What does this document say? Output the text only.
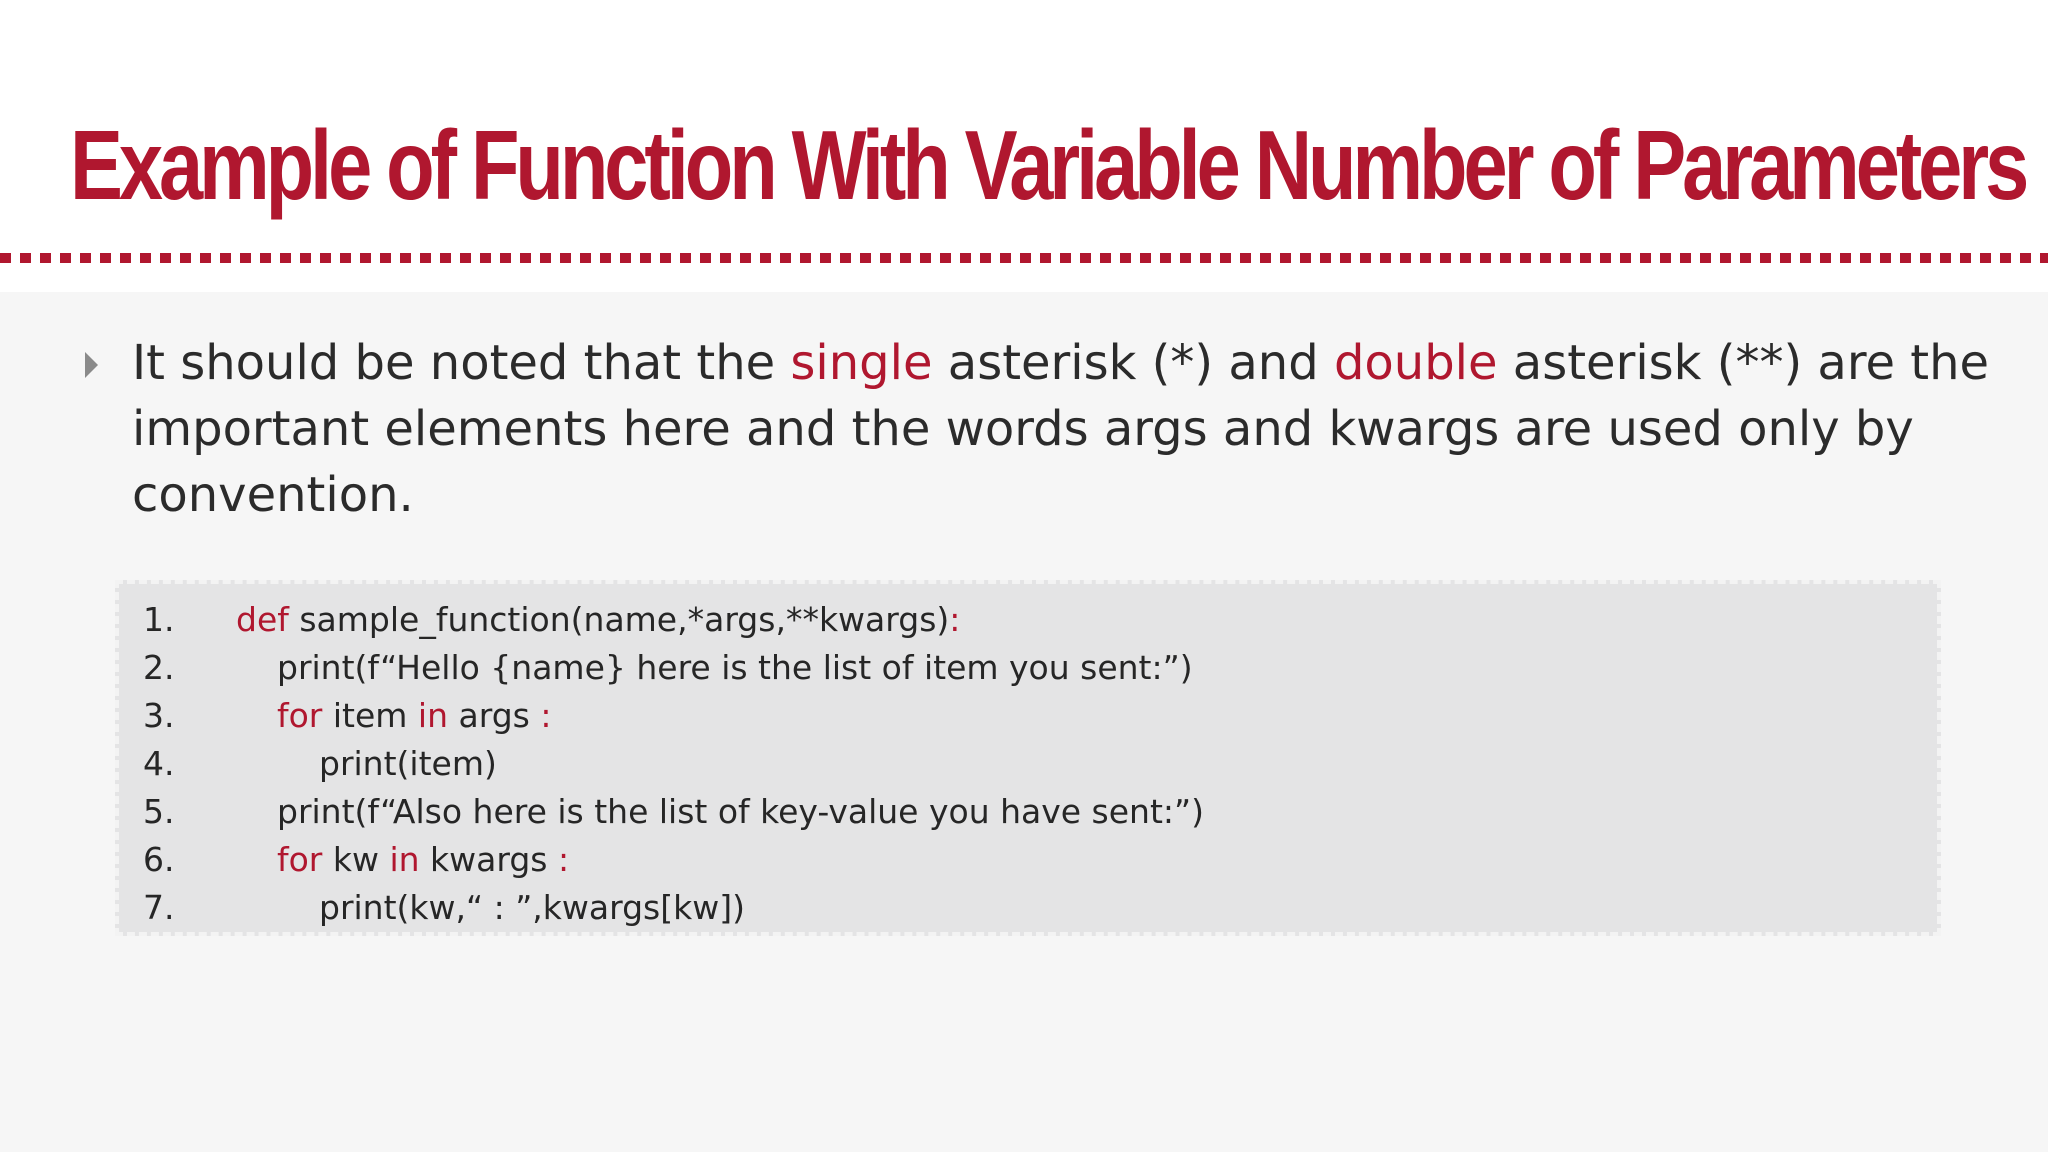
Example of Function With Variable Number of Parameters

It should be noted that the single asterisk (*) and double asterisk (**) are the important elements here and the words args and kwargs are used only by convention.

1.

def sample_function(name,*args,**kwargs):

2.

	print(f“Hello {name} here is the list of item you sent:”)

3.

	for item in args :

4.

	print(item)

5.

	print(f“Also here is the list of key-value you have sent:”)

6.

	for kw in kwargs :

7.

	print(kw,“ : ”,kwargs[kw])
